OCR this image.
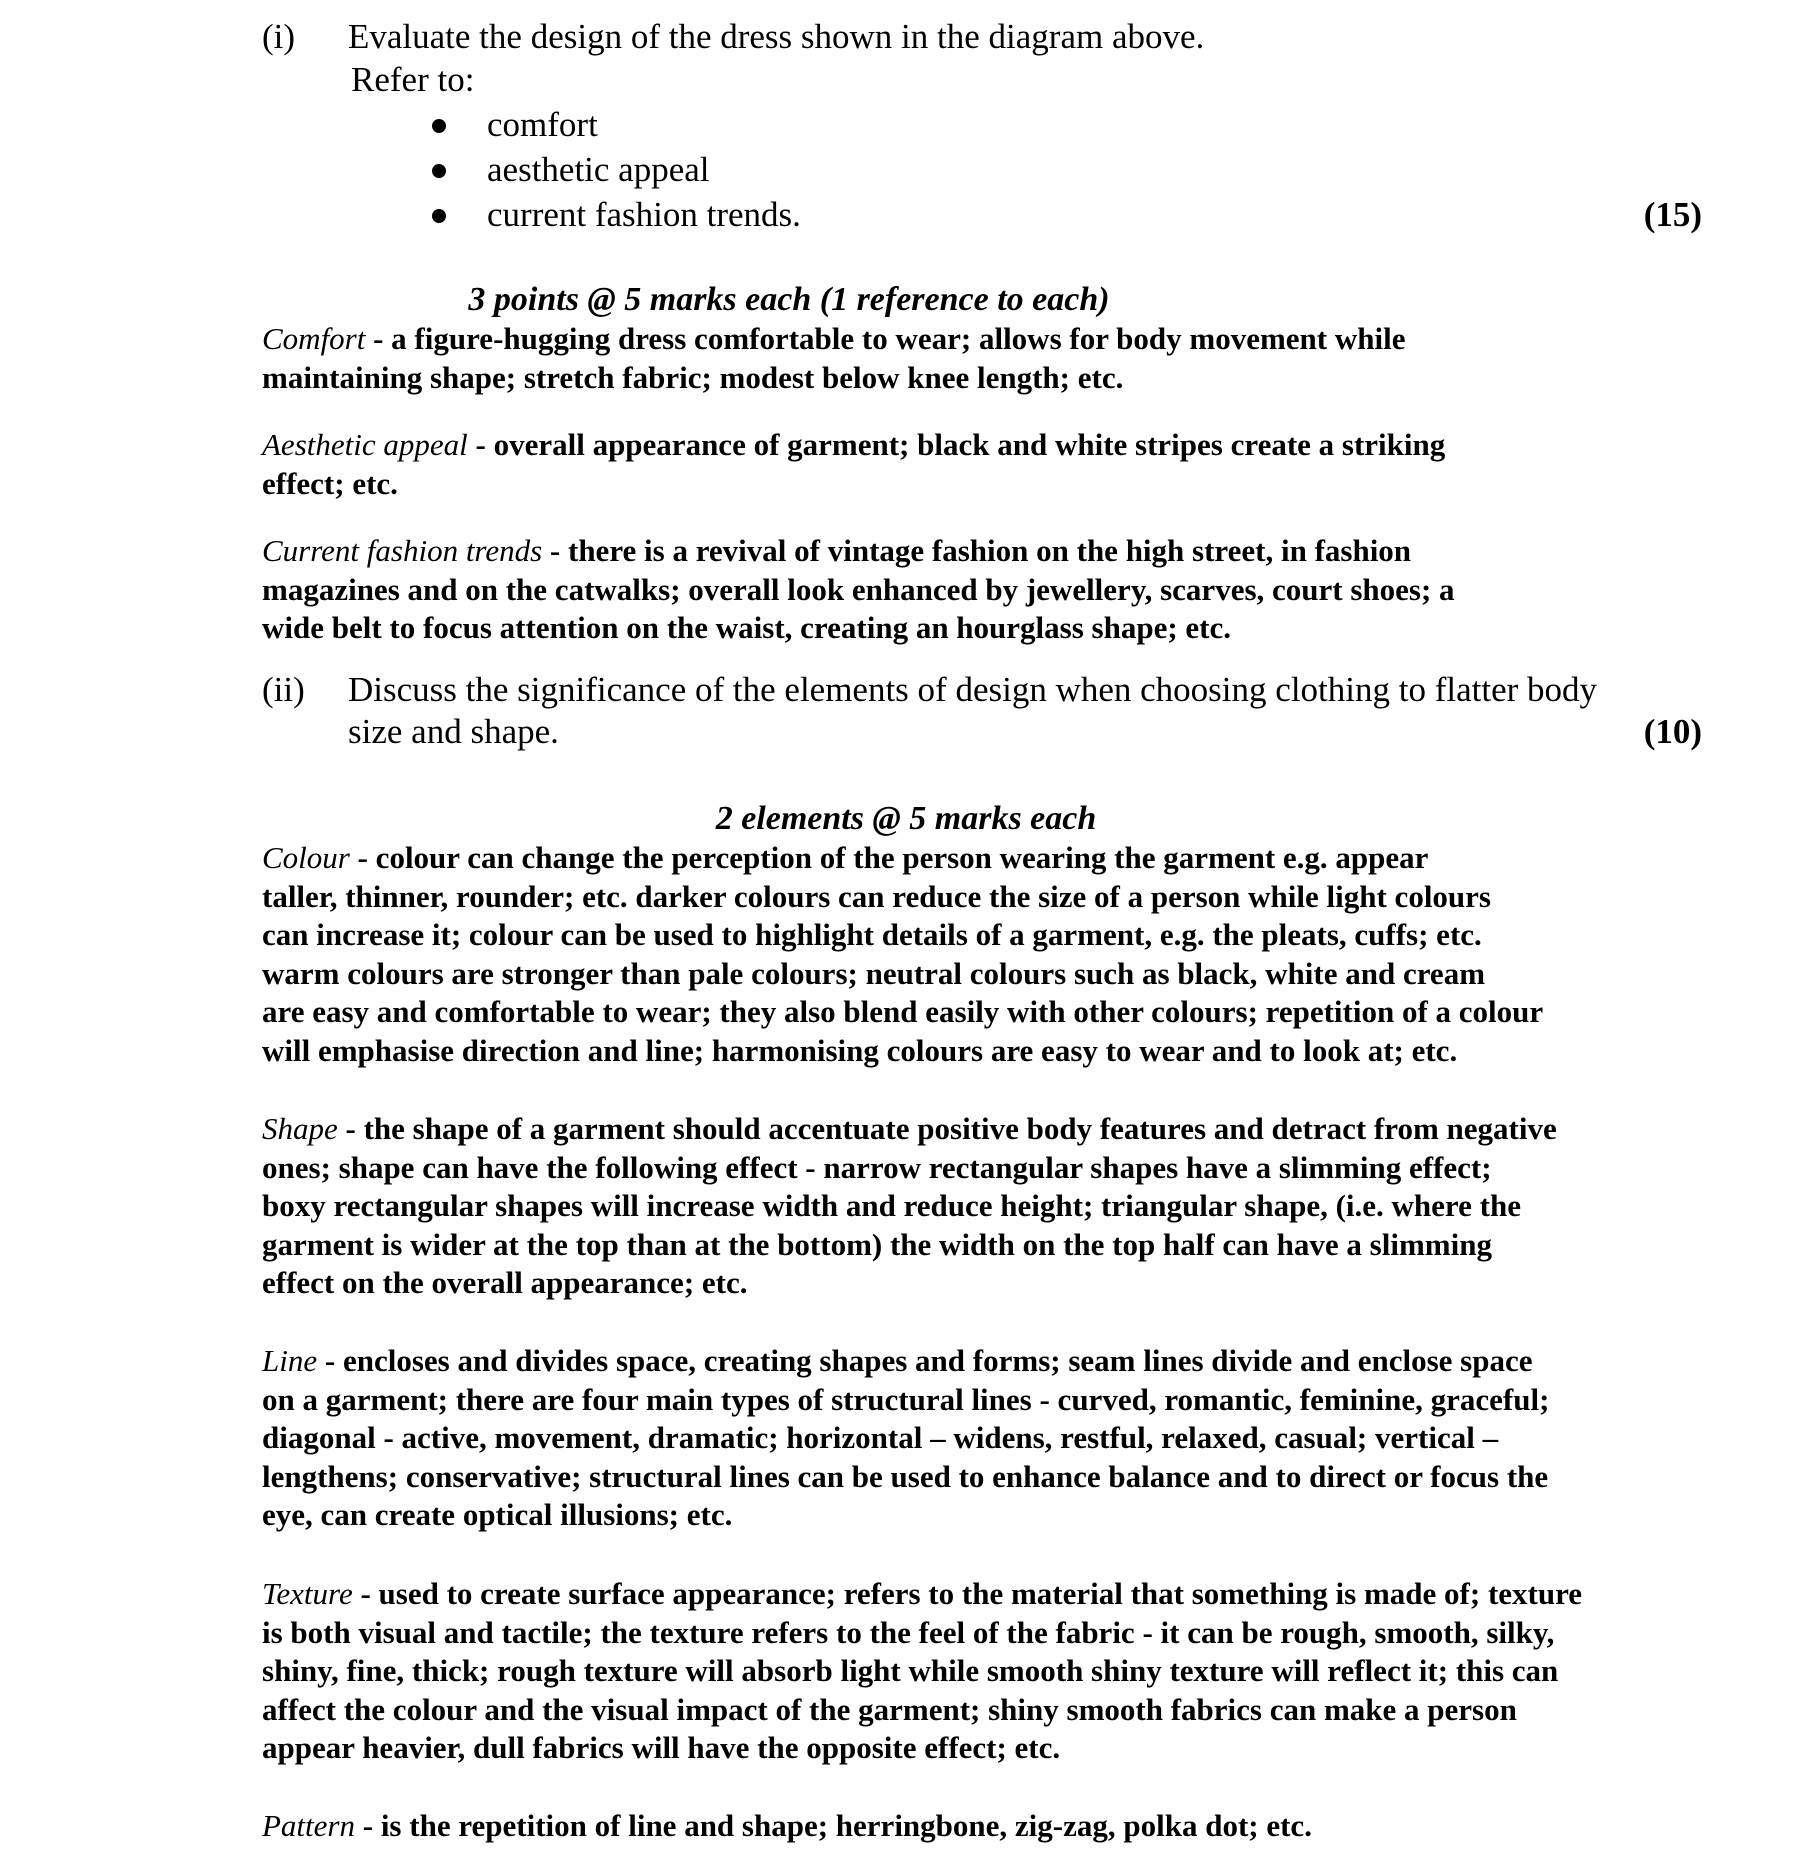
(i) Evaluate the design of the dress shown in the diagram above.
Refer to:
comfort
aesthetic appeal
current fashion trends.	(15)
3 points @ 5 marks each (1 reference to each)
Comfort - a figure-hugging dress comfortable to wear; allows for body movement while
maintaining shape; stretch fabric; modest below knee length; etc.
Aesthetic appeal - overall appearance of garment; black and white stripes create a striking
effect; etc.
Current fashion trends - there is a revival of vintage fashion on the high street, in fashion
magazines and on the catwalks; overall look enhanced by jewellery, scarves, court shoes; a
wide belt to focus attention on the waist, creating an hourglass shape; etc.
(ii) Discuss the significance of the elements of design when choosing clothing to flatter body
size and shape.	(10)
2 elements @ 5 marks each
Colour - colour can change the perception of the person wearing the garment e.g. appear
taller, thinner, rounder; etc. darker colours can reduce the size of a person while light colours
can increase it; colour can be used to highlight details of a garment, e.g. the pleats, cuffs; etc.
warm colours are stronger than pale colours; neutral colours such as black, white and cream
are easy and comfortable to wear; they also blend easily with other colours; repetition of a colour
will emphasise direction and line; harmonising colours are easy to wear and to look at; etc.
Shape - the shape of a garment should accentuate positive body features and detract from negative
ones; shape can have the following effect - narrow rectangular shapes have a slimming effect;
boxy rectangular shapes will increase width and reduce height; triangular shape, (i.e. where the
garment is wider at the top than at the bottom) the width on the top half can have a slimming
effect on the overall appearance; etc.
Line - encloses and divides space, creating shapes and forms; seam lines divide and enclose space
on a garment; there are four main types of structural lines - curved, romantic, feminine, graceful;
diagonal - active, movement, dramatic; horizontal – widens, restful, relaxed, casual; vertical –
lengthens; conservative; structural lines can be used to enhance balance and to direct or focus the
eye, can create optical illusions; etc.
Texture - used to create surface appearance; refers to the material that something is made of; texture
is both visual and tactile; the texture refers to the feel of the fabric - it can be rough, smooth, silky,
shiny, fine, thick; rough texture will absorb light while smooth shiny texture will reflect it; this can
affect the colour and the visual impact of the garment; shiny smooth fabrics can make a person
appear heavier, dull fabrics will have the opposite effect; etc.
Pattern - is the repetition of line and shape; herringbone, zig-zag, polka dot; etc.
